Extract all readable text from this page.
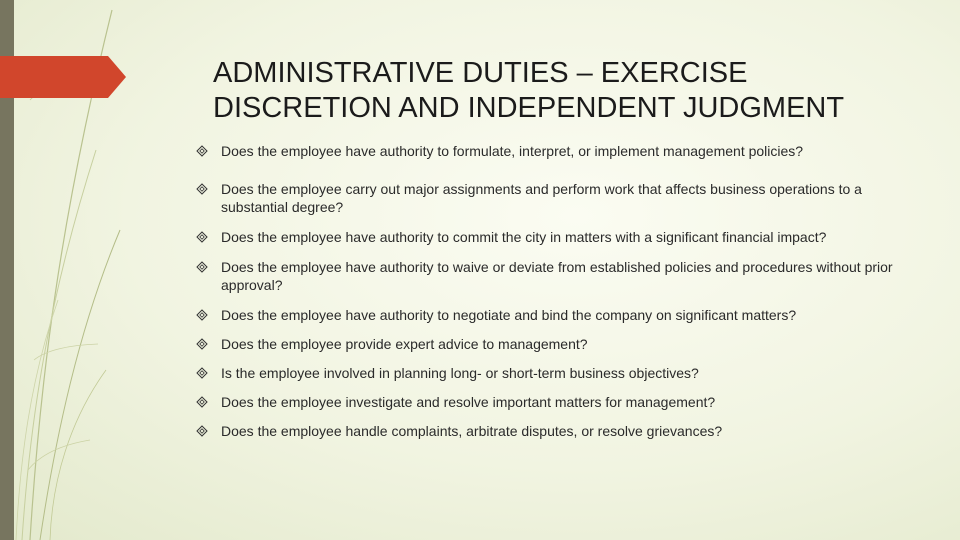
ADMINISTRATIVE DUTIES – EXERCISE DISCRETION AND INDEPENDENT JUDGMENT
Does the employee have authority to formulate, interpret, or implement management policies?
Does the employee carry out major assignments and perform work that affects business operations to a substantial degree?
Does the employee have authority to commit the city in matters with a significant financial impact?
Does the employee have authority to waive or deviate from established policies and procedures without prior approval?
Does the employee have authority to negotiate and bind the company on significant matters?
Does the employee provide expert advice to management?
Is the employee involved in planning long- or short-term business objectives?
Does the employee investigate and resolve important matters for management?
Does the employee handle complaints, arbitrate disputes, or resolve grievances?
